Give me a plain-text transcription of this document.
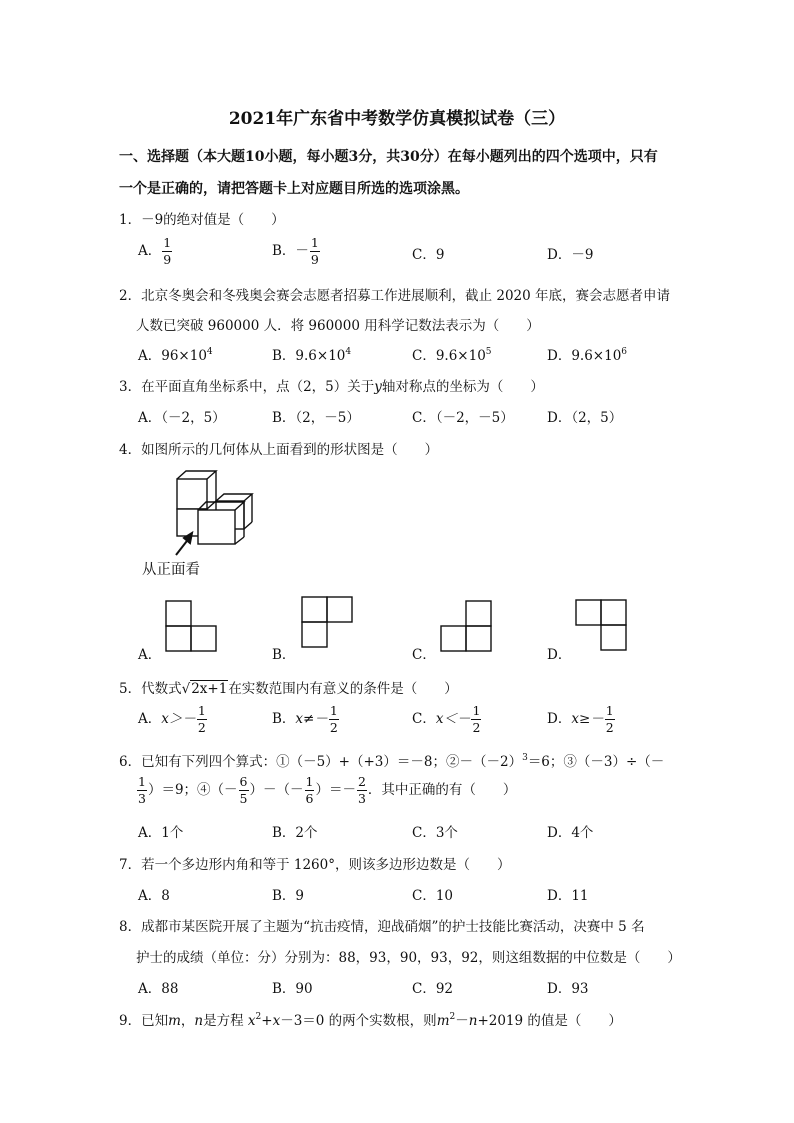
2021年广东省中考数学仿真模拟试卷（三）
一、选择题（本大题10小题，每小题3分，共30分）在每小题列出的四个选项中，只有
一个是正确的，请把答题卡上对应题目所选的选项涂黑。
1．－9的绝对值是（　　）
A． $\frac{1}{9}$	B．－ $\frac{1}{9}$	C．9	D．－9
2．北京冬奥会和冬残奥会赛会志愿者招募工作进展顺利，截止 2020 年底，赛会志愿者申请
人数已突破 960000 人．将 960000 用科学记数法表示为（　　）
A．$96\times 10^4$	B．$9.6\times 10^4$	C．$9.6\times 10^5$	D．$9.6\times 10^6$
3．在平面直角坐标系中，点（2，5）关于y轴对称点的坐标为（　　）
A．（－2，5）	B．（2，－5）	C．（－2，－5） D．（2，5）
4．如图所示的几何体从上面看到的形状图是（　　）
从正面看
A．	B．	C．	D．
5．代数式√2x+1在实数范围内有意义的条件是（　　）
A．$x>- \frac{1}{2}$	B．$x\ne- \frac{1}{2}$	C．$x<- \frac{1}{2}$	D．$x\ge- \frac{1}{2}$
6．已知有下列四个算式：①（－5）+（+3）＝－8；$②-(-2)^3=6$；③（－3）÷（－
$\frac{1}{3} )=9$；④（－ $\frac{6}{5}$ ）－（－ $\frac{1}{6}$ ）＝－ $\frac{2}{3}$ ．其中正确的有（　　）
A．1个	B．2个	C．3个	D．4个
7．若一个多边形内角和等于 1260°，则该多边形边数是（　　）
A．8	B．9	C．10	D．11
8．成都市某医院开展了主题为“抗击疫情，迎战硝烟”的护士技能比赛活动，决赛中 5 名
护士的成绩（单位：分）分别为：88，93，90，93，92，则这组数据的中位数是（　　）
A．88	B．90	C．92	D．93
9．已知m，n是方程 $x^2+x-3=0$ 的两个实数根，则$m^2-n+2019$ 的值是（　　）
